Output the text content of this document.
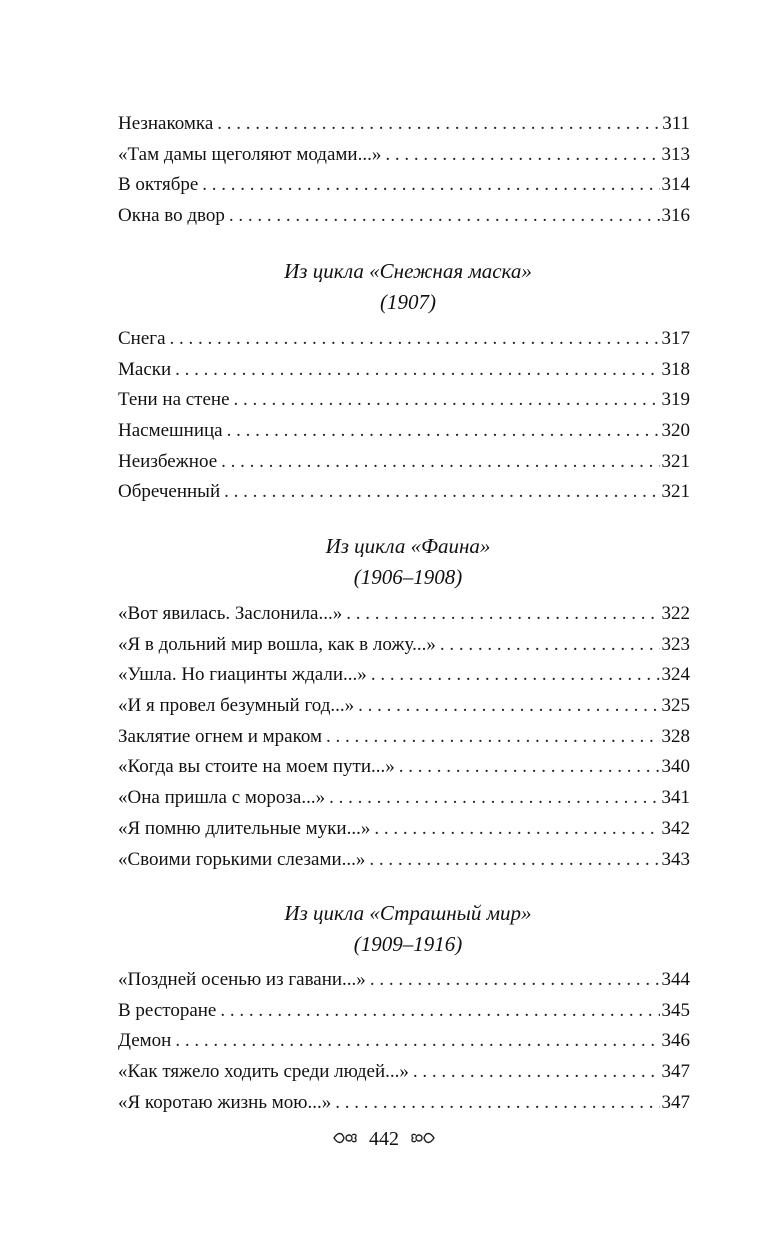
Незнакомка . . .	311
«Там дамы щеголяют модами...» . . .	313
В октябре . . .	314
Окна во двор . . .	316
Из цикла «Снежная маска»
(1907)
Снега . . .	317
Маски . . .	318
Тени на стене . . .	319
Насмешница . . .	320
Неизбежное . . .	321
Обреченный . . .	321
Из цикла «Фаина»
(1906–1908)
«Вот явилась. Заслонила...» . . .	322
«Я в дольний мир вошла, как в ложу...» . . .	323
«Ушла. Но гиацинты ждали...» . . .	324
«И я провел безумный год...» . . .	325
Заклятие огнем и мраком . . .	328
«Когда вы стоите на моем пути...» . . .	340
«Она пришла с мороза...» . . .	341
«Я помню длительные муки...» . . .	342
«Своими горькими слезами...» . . .	343
Из цикла «Страшный мир»
(1909–1916)
«Поздней осенью из гавани...» . . .	344
В ресторане . . .	345
Демон . . .	346
«Как тяжело ходить среди людей...» . . .	347
«Я коротаю жизнь мою...» . . .	347
442
